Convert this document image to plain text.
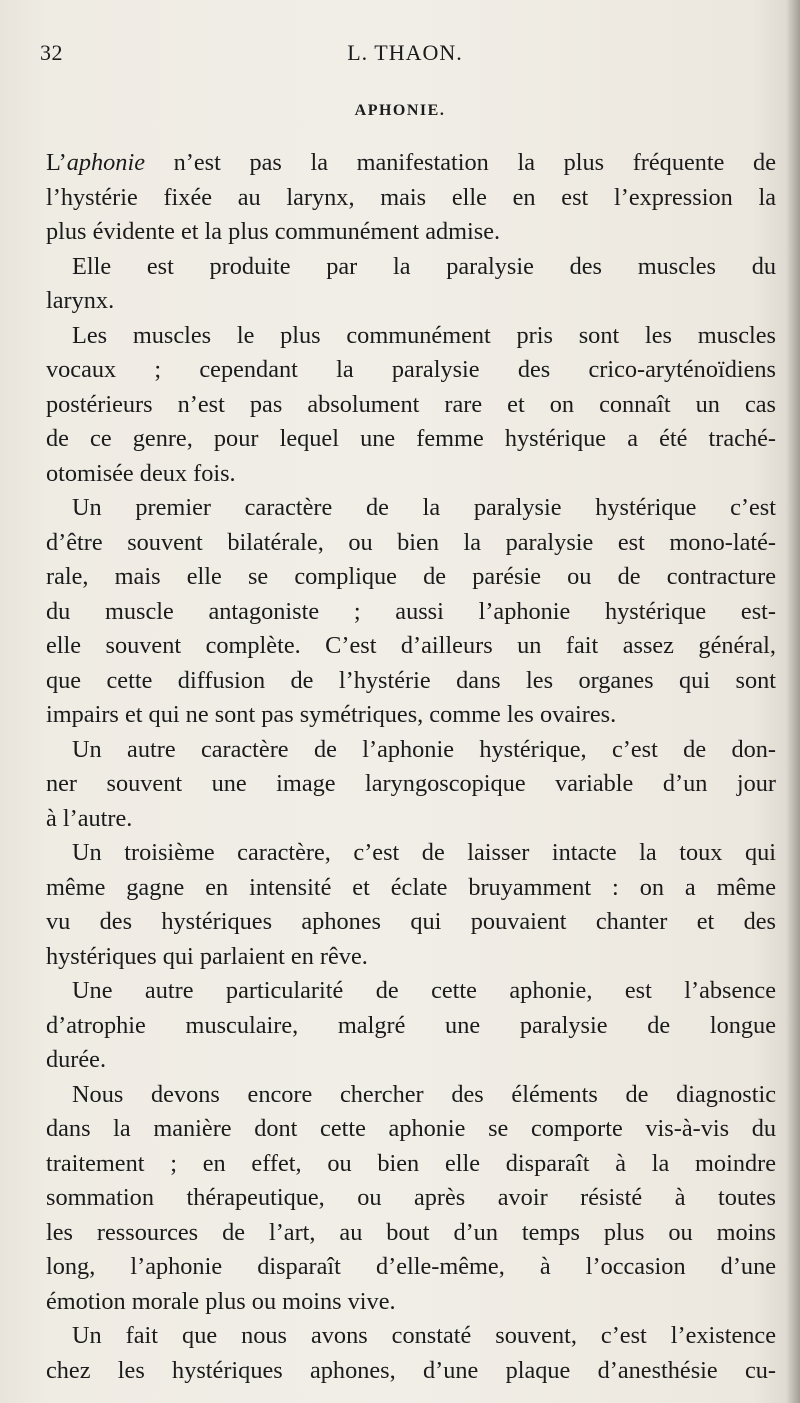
32	L. THAON.
APHONIE.
L’aphonie n’est pas la manifestation la plus fréquente de
l’hystérie fixée au larynx, mais elle en est l’expression la
plus évidente et la plus communément admise.
Elle est produite par la paralysie des muscles du
larynx.
Les muscles le plus communément pris sont les muscles
vocaux ; cependant la paralysie des crico-aryténoïdiens
postérieurs n’est pas absolument rare et on connaît un cas
de ce genre, pour lequel une femme hystérique a été traché-
otomisée deux fois.
Un premier caractère de la paralysie hystérique c’est
d’être souvent bilatérale, ou bien la paralysie est mono-laté-
rale, mais elle se complique de parésie ou de contracture
du muscle antagoniste ; aussi l’aphonie hystérique est-
elle souvent complète. C’est d’ailleurs un fait assez général,
que cette diffusion de l’hystérie dans les organes qui sont
impairs et qui ne sont pas symétriques, comme les ovaires.
Un autre caractère de l’aphonie hystérique, c’est de don-
ner souvent une image laryngoscopique variable d’un jour
à l’autre.
Un troisième caractère, c’est de laisser intacte la toux qui
même gagne en intensité et éclate bruyamment : on a même
vu des hystériques aphones qui pouvaient chanter et des
hystériques qui parlaient en rêve.
Une autre particularité de cette aphonie, est l’absence
d’atrophie musculaire, malgré une paralysie de longue
durée.
Nous devons encore chercher des éléments de diagnostic
dans la manière dont cette aphonie se comporte vis-à-vis du
traitement ; en effet, ou bien elle disparaît à la moindre
sommation thérapeutique, ou après avoir résisté à toutes
les ressources de l’art, au bout d’un temps plus ou moins
long, l’aphonie disparaît d’elle-même, à l’occasion d’une
émotion morale plus ou moins vive.
Un fait que nous avons constaté souvent, c’est l’existence
chez les hystériques aphones, d’une plaque d’anesthésie cu-
